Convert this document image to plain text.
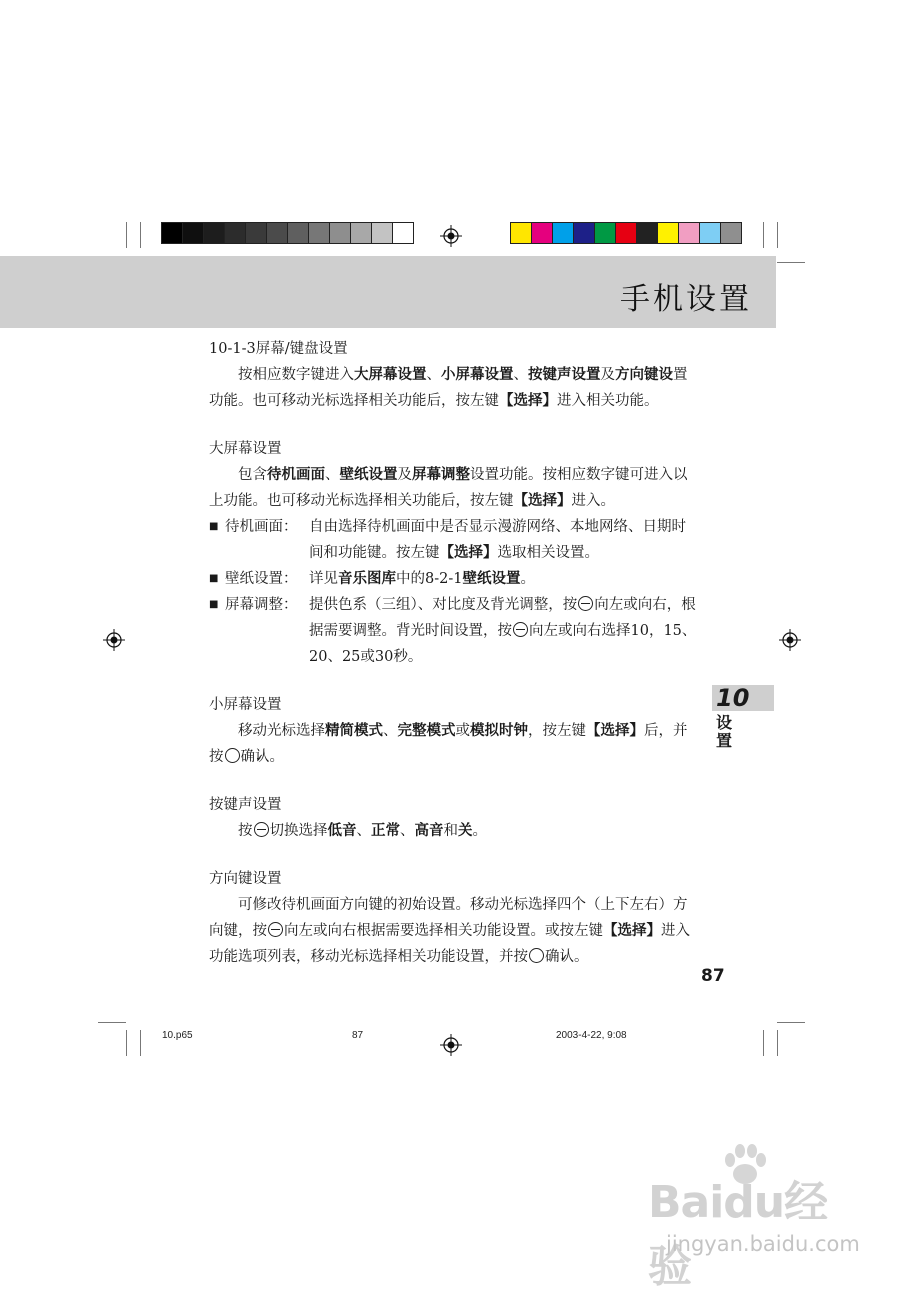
手机设置

10-1-3屏幕/键盘设置

按相应数字键进入大屏幕设置、小屏幕设置、按键声设置及方向键设置功能。也可移动光标选择相关功能后，按左键【选择】进入相关功能。

大屏幕设置

包含待机画面、壁纸设置及屏幕调整设置功能。按相应数字键可进入以上功能。也可移动光标选择相关功能后，按左键【选择】进入。

■ 待机画面： 自由选择待机画面中是否显示漫游网络、本地网络、日期时间和功能键。按左键【选择】选取相关设置。
■ 壁纸设置： 详见音乐图库中的8-2-1壁纸设置。
■ 屏幕调整： 提供色系（三组）、对比度及背光调整，按 向左或向右，根据需要调整。背光时间设置，按 向左或向右选择10，15、20、25或30秒。

小屏幕设置

移动光标选择精简模式、完整模式或模拟时钟，按左键【选择】后，并按 ✓ 确认。

按键声设置

按 切换选择低音、正常、高音和关。

方向键设置

可修改待机画面方向键的初始设置。移动光标选择四个（上下左右）方向键，按 向左或向右根据需要选择相关功能设置。或按左键【选择】进入功能选项列表，移动光标选择相关功能设置，并按 ✓ 确认。

10
设置
87
10.p65	87	2003-4-22, 9:08
Baidu经验
jingyan.baidu.com
